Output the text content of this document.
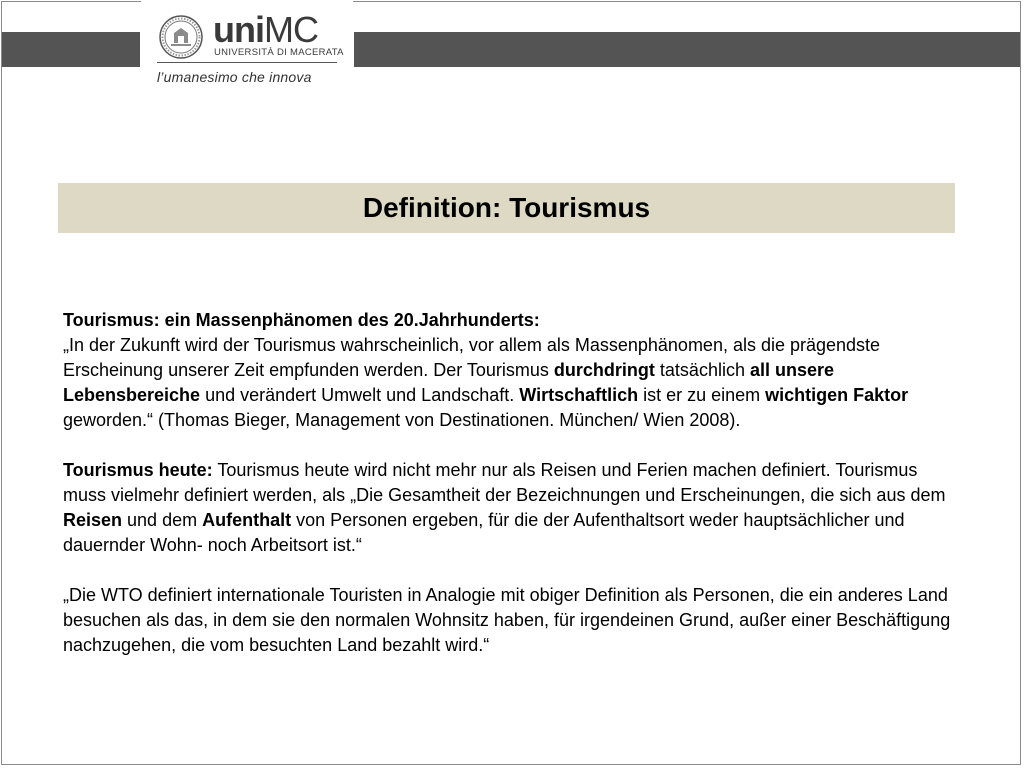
uniMC
UNIVERSITÀ DI MACERATA
l’umanesimo che innova
Definition: Tourismus

Tourismus: ein Massenphänomen des 20.Jahrhunderts:
„In der Zukunft wird der Tourismus wahrscheinlich, vor allem als Massenphänomen, als die prägendste Erscheinung unserer Zeit empfunden werden. Der Tourismus durchdringt tatsächlich all unsere Lebensbereiche und verändert Umwelt und Landschaft. Wirtschaftlich ist er zu einem wichtigen Faktor geworden.“ (Thomas Bieger, Management von Destinationen. München/ Wien 2008).

Tourismus heute: Tourismus heute wird nicht mehr nur als Reisen und Ferien machen definiert. Tourismus muss vielmehr definiert werden, als „Die Gesamtheit der Bezeichnungen und Erscheinungen, die sich aus dem Reisen und dem Aufenthalt von Personen ergeben, für die der Aufenthaltsort weder hauptsächlicher und dauernder Wohn- noch Arbeitsort ist.“

„Die WTO definiert internationale Touristen in Analogie mit obiger Definition als Personen, die ein anderes Land besuchen als das, in dem sie den normalen Wohnsitz haben, für irgendeinen Grund, außer einer Beschäftigung nachzugehen, die vom besuchten Land bezahlt wird.“
